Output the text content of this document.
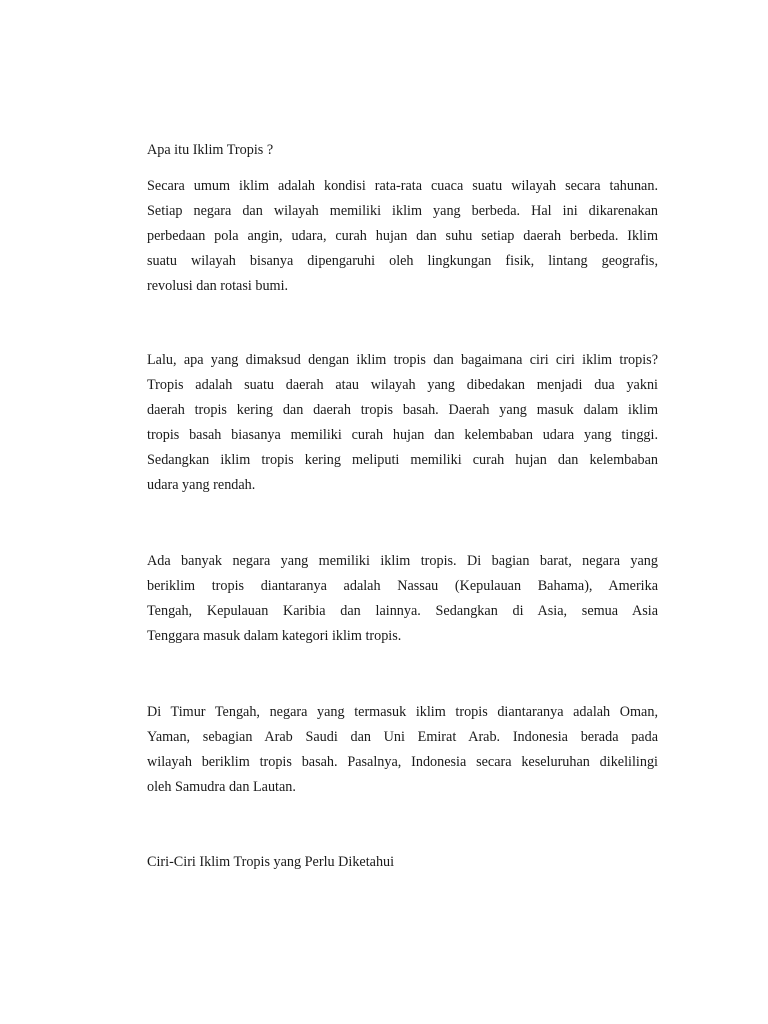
Apa itu Iklim Tropis ?

Secara umum iklim adalah kondisi rata-rata cuaca suatu wilayah secara tahunan.
Setiap negara dan wilayah memiliki iklim yang berbeda. Hal ini dikarenakan
perbedaan pola angin, udara, curah hujan dan suhu setiap daerah berbeda. Iklim
suatu wilayah bisanya dipengaruhi oleh lingkungan fisik, lintang geografis,
revolusi dan rotasi bumi.
Lalu, apa yang dimaksud dengan iklim tropis dan bagaimana ciri ciri iklim tropis?
Tropis adalah suatu daerah atau wilayah yang dibedakan menjadi dua yakni
daerah tropis kering dan daerah tropis basah. Daerah yang masuk dalam iklim
tropis basah biasanya memiliki curah hujan dan kelembaban udara yang tinggi.
Sedangkan iklim tropis kering meliputi memiliki curah hujan dan kelembaban
udara yang rendah.
Ada banyak negara yang memiliki iklim tropis. Di bagian barat, negara yang
beriklim tropis diantaranya adalah Nassau (Kepulauan Bahama), Amerika
Tengah, Kepulauan Karibia dan lainnya. Sedangkan di Asia, semua Asia
Tenggara masuk dalam kategori iklim tropis.
Di Timur Tengah, negara yang termasuk iklim tropis diantaranya adalah Oman,
Yaman, sebagian Arab Saudi dan Uni Emirat Arab. Indonesia berada pada
wilayah beriklim tropis basah. Pasalnya, Indonesia secara keseluruhan dikelilingi
oleh Samudra dan Lautan.

Ciri-Ciri Iklim Tropis yang Perlu Diketahui
